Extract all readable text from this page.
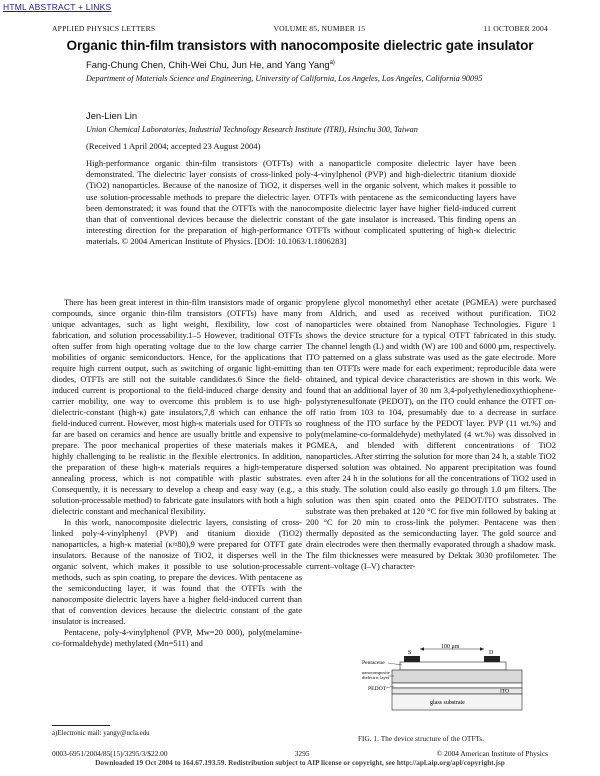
HTML ABSTRACT + LINKS
APPLIED PHYSICS LETTERS	VOLUME 85, NUMBER 15	11 OCTOBER 2004
Organic thin-film transistors with nanocomposite dielectric gate insulator
Fang-Chung Chen, Chih-Wei Chu, Jun He, and Yang Yang$^{a)}$
Department of Materials Science and Engineering, University of California, Los Angeles, Los Angeles, California 90095
Jen-Lien Lin
Union Chemical Laboratories, Industrial Technology Research Institute (ITRI), Hsinchu 300, Taiwan
(Received 1 April 2004; accepted 23 August 2004)
High-performance organic thin-film transistors (OTFTs) with a nanoparticle composite dielectric layer have been demonstrated. The dielectric layer consists of cross-linked poly-4-vinylphenol (PVP) and high-dielectric titanium dioxide (TiO2) nanoparticles. Because of the nanosize of TiO2, it disperses well in the organic solvent, which makes it possible to use solution-processable methods to prepare the dielectric layer. OTFTs with pentacene as the semiconducting layers have been demonstrated; it was found that the OTFTs with the nanocomposite dielectric layer have higher field-induced current than that of conventional devices because the dielectric constant of the gate insulator is increased. This finding opens an interesting direction for the preparation of high-performance OTFTs without complicated sputtering of high-κ dielectric materials. © 2004 American Institute of Physics. [DOI: 10.1063/1.1806283]

There has been great interest in thin-film transistors made of organic compounds, since organic thin-film transistors (OTFTs) have many unique advantages, such as light weight, flexibility, low cost of fabrication, and solution processability.1–5 However, traditional OTFTs often suffer from high operating voltage due to the low charge carrier mobilities of organic semiconductors. Hence, for the applications that require high current output, such as switching of organic light-emitting diodes, OTFTs are still not the suitable candidates.6 Since the field-induced current is proportional to the field-induced charge density and carrier mobility, one way to overcome this problem is to use high-dielectric-constant (high-κ) gate insulators,7,8 which can enhance the field-induced current. However, most high-κ materials used for OTFTs so far are based on ceramics and hence are usually brittle and expensive to prepare. The poor mechanical properties of these materials makes it highly challenging to be realistic in the flexible electronics. In addition, the preparation of these high-κ materials requires a high-temperature annealing process, which is not compatible with plastic substrates. Consequently, it is necessary to develop a cheap and easy way (e.g., a solution-processable method) to fabricate gate insulators with both a high dielectric constant and mechanical flexibility.

In this work, nanocomposite dielectric layers, consisting of cross-linked poly-4-vinylphenyl (PVP) and titanium dioxide (TiO2) nanoparticles, a high-κ material (κ≈80),9 were prepared for OTFT gate insulators. Because of the nanosize of TiO2, it disperses well in the organic solvent, which makes it possible to use solution-processable methods, such as spin coating, to prepare the devices. With pentacene as the semiconducting layer, it was found that the OTFTs with the nanocomposite dielectric layers have a higher field-induced current than that of convention devices because the dielectric constant of the gate insulator is increased.

Pentacene, poly-4-vinylphenol (PVP, Mw=20 000), poly(melamine-co-formaldehyde) methylated (Mn=511) and

propylene glycol monomethyl ether acetate (PGMEA) were purchased from Aldrich, and used as received without purification. TiO2 nanoparticles were obtained from Nanophase Technologies. Figure 1 shows the device structure for a typical OTFT fabricated in this study. The channel length (L) and width (W) are 100 and 6000 μm, respectively. ITO patterned on a glass substrate was used as the gate electrode. More than ten OTFTs were made for each experiment; reproducible data were obtained, and typical device characteristics are shown in this work. We found that an additional layer of 30 nm 3,4-polyethylenedioxythiophene-polystyrenesulfonate (PEDOT), on the ITO could enhance the OTFT on-off ratio from 103 to 104, presumably due to a decrease in surface roughness of the ITO surface by the PEDOT layer. PVP (11 wt.%) and poly(melamine-co-formaldehyde) methylated (4 wt.%) was dissolved in PGMEA, and blended with different concentrations of TiO2 nanoparticles. After stirring the solution for more than 24 h, a stable TiO2 dispersed solution was obtained. No apparent precipitation was found even after 24 h in the solutions for all the concentrations of TiO2 used in this study. The solution could also easily go through 1.0 μm filters. The solution was then spin coated onto the PEDOT/ITO substrates. The substrate was then prebaked at 120 °C for five min followed by baking at 200 °C for 20 min to cross-link the polymer. Pentacene was then thermally deposited as the semiconducting layer. The gold source and drain electrodes were then thermally evaporated through a shadow mask. The film thicknesses were measured by Dektak 3030 profilometer. The current–voltage (I–V) character-

100 μm
S	D
glass substrate
Pentacene
nanocomposite
dielectric layer
PEDOT	ITO
FIG. 1. The device structure of the OTFTs.
a)Electronic mail: yangy@ucla.edu
0003-6951/2004/85(15)/3295/3/$22.00	3295	© 2004 American Institute of Physics
Downloaded 19 Oct 2004 to 164.67.193.59. Redistribution subject to AIP license or copyright, see http://apl.aip.org/apl/copyright.jsp
